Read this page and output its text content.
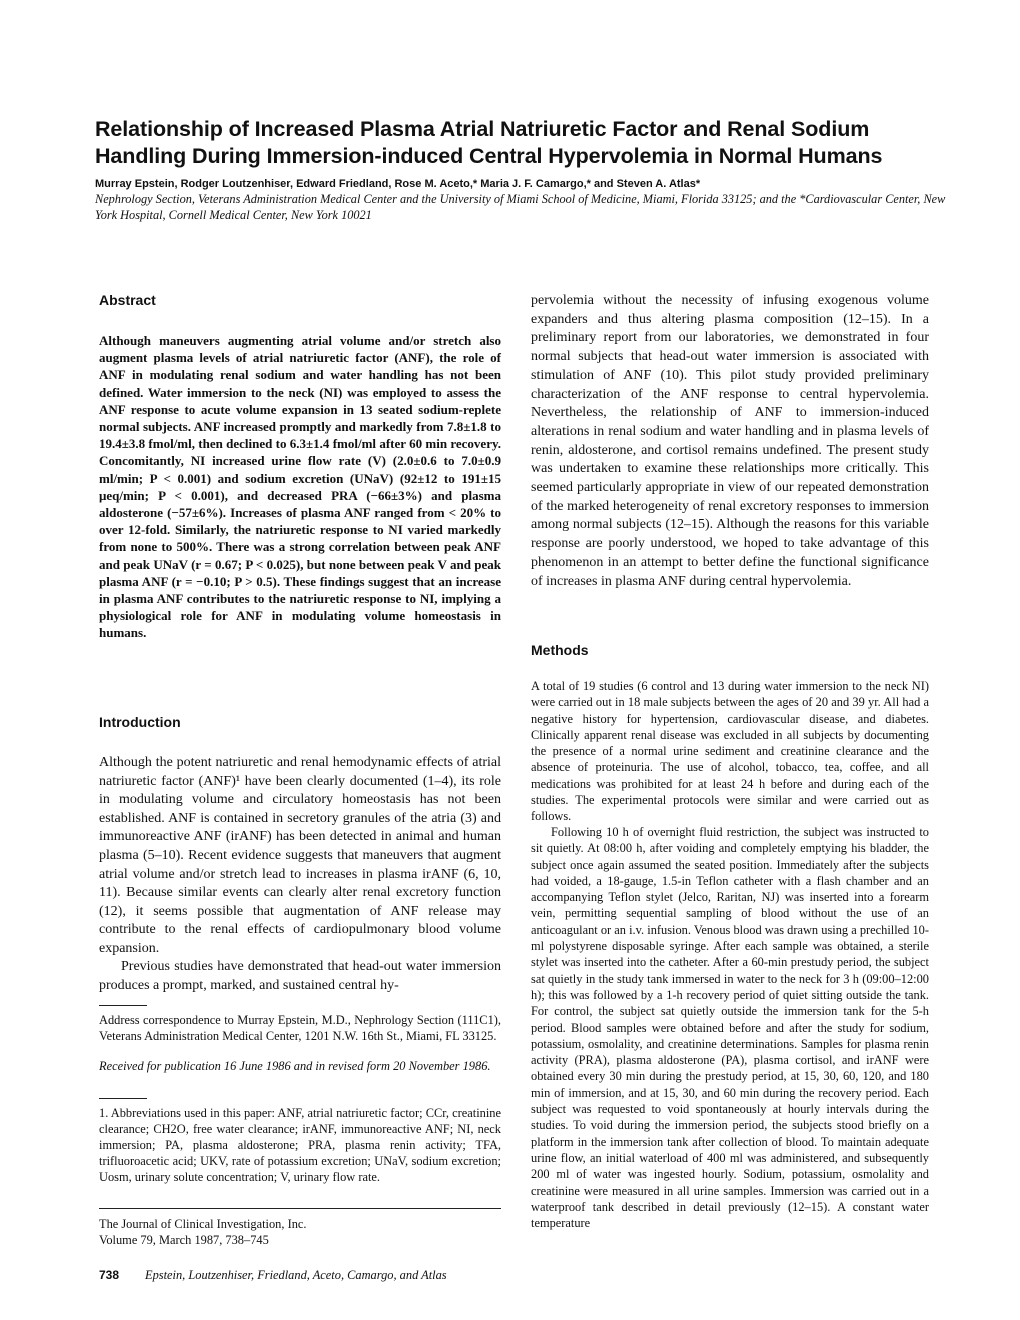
Relationship of Increased Plasma Atrial Natriuretic Factor and Renal Sodium Handling During Immersion-induced Central Hypervolemia in Normal Humans
Murray Epstein, Rodger Loutzenhiser, Edward Friedland, Rose M. Aceto,* Maria J. F. Camargo,* and Steven A. Atlas*
Nephrology Section, Veterans Administration Medical Center and the University of Miami School of Medicine, Miami, Florida 33125; and the *Cardiovascular Center, New York Hospital, Cornell Medical Center, New York 10021
Abstract

Although maneuvers augmenting atrial volume and/or stretch also augment plasma levels of atrial natriuretic factor (ANF), the role of ANF in modulating renal sodium and water handling has not been defined. Water immersion to the neck (NI) was employed to assess the ANF response to acute volume expansion in 13 seated sodium-replete normal subjects. ANF increased promptly and markedly from 7.8±1.8 to 19.4±3.8 fmol/ml, then declined to 6.3±1.4 fmol/ml after 60 min recovery. Concomitantly, NI increased urine flow rate (V) (2.0±0.6 to 7.0±0.9 ml/min; P < 0.001) and sodium excretion (UNaV) (92±12 to 191±15 μeq/min; P < 0.001), and decreased PRA (−66±3%) and plasma aldosterone (−57±6%). Increases of plasma ANF ranged from < 20% to over 12-fold. Similarly, the natriuretic response to NI varied markedly from none to 500%. There was a strong correlation between peak ANF and peak UNaV (r = 0.67; P < 0.025), but none between peak V and peak plasma ANF (r = −0.10; P > 0.5). These findings suggest that an increase in plasma ANF contributes to the natriuretic response to NI, implying a physiological role for ANF in modulating volume homeostasis in humans.

Introduction

Although the potent natriuretic and renal hemodynamic effects of atrial natriuretic factor (ANF)¹ have been clearly documented (1–4), its role in modulating volume and circulatory homeostasis has not been established. ANF is contained in secretory granules of the atria (3) and immunoreactive ANF (irANF) has been detected in animal and human plasma (5–10). Recent evidence suggests that maneuvers that augment atrial volume and/or stretch lead to increases in plasma irANF (6, 10, 11). Because similar events can clearly alter renal excretory function (12), it seems possible that augmentation of ANF release may contribute to the renal effects of cardiopulmonary blood volume expansion.

Previous studies have demonstrated that head-out water immersion produces a prompt, marked, and sustained central hy-

Address correspondence to Murray Epstein, M.D., Nephrology Section (111C1), Veterans Administration Medical Center, 1201 N.W. 16th St., Miami, FL 33125.

Received for publication 16 June 1986 and in revised form 20 November 1986.

1. Abbreviations used in this paper: ANF, atrial natriuretic factor; CCr, creatinine clearance; CH2O, free water clearance; irANF, immunoreactive ANF; NI, neck immersion; PA, plasma aldosterone; PRA, plasma renin activity; TFA, trifluoroacetic acid; UKV, rate of potassium excretion; UNaV, sodium excretion; Uosm, urinary solute concentration; V, urinary flow rate.

The Journal of Clinical Investigation, Inc.
Volume 79, March 1987, 738–745

pervolemia without the necessity of infusing exogenous volume expanders and thus altering plasma composition (12–15). In a preliminary report from our laboratories, we demonstrated in four normal subjects that head-out water immersion is associated with stimulation of ANF (10). This pilot study provided preliminary characterization of the ANF response to central hypervolemia. Nevertheless, the relationship of ANF to immersion-induced alterations in renal sodium and water handling and in plasma levels of renin, aldosterone, and cortisol remains undefined. The present study was undertaken to examine these relationships more critically. This seemed particularly appropriate in view of our repeated demonstration of the marked heterogeneity of renal excretory responses to immersion among normal subjects (12–15). Although the reasons for this variable response are poorly understood, we hoped to take advantage of this phenomenon in an attempt to better define the functional significance of increases in plasma ANF during central hypervolemia.

Methods

A total of 19 studies (6 control and 13 during water immersion to the neck NI) were carried out in 18 male subjects between the ages of 20 and 39 yr. All had a negative history for hypertension, cardiovascular disease, and diabetes. Clinically apparent renal disease was excluded in all subjects by documenting the presence of a normal urine sediment and creatinine clearance and the absence of proteinuria. The use of alcohol, tobacco, tea, coffee, and all medications was prohibited for at least 24 h before and during each of the studies. The experimental protocols were similar and were carried out as follows.

Following 10 h of overnight fluid restriction, the subject was instructed to sit quietly. At 08:00 h, after voiding and completely emptying his bladder, the subject once again assumed the seated position. Immediately after the subjects had voided, a 18-gauge, 1.5-in Teflon catheter with a flash chamber and an accompanying Teflon stylet (Jelco, Raritan, NJ) was inserted into a forearm vein, permitting sequential sampling of blood without the use of an anticoagulant or an i.v. infusion. Venous blood was drawn using a prechilled 10-ml polystyrene disposable syringe. After each sample was obtained, a sterile stylet was inserted into the catheter. After a 60-min prestudy period, the subject sat quietly in the study tank immersed in water to the neck for 3 h (09:00–12:00 h); this was followed by a 1-h recovery period of quiet sitting outside the tank. For control, the subject sat quietly outside the immersion tank for the 5-h period. Blood samples were obtained before and after the study for sodium, potassium, osmolality, and creatinine determinations. Samples for plasma renin activity (PRA), plasma aldosterone (PA), plasma cortisol, and irANF were obtained every 30 min during the prestudy period, at 15, 30, 60, 120, and 180 min of immersion, and at 15, 30, and 60 min during the recovery period. Each subject was requested to void spontaneously at hourly intervals during the studies. To void during the immersion period, the subjects stood briefly on a platform in the immersion tank after collection of blood. To maintain adequate urine flow, an initial waterload of 400 ml was administered, and subsequently 200 ml of water was ingested hourly. Sodium, potassium, osmolality and creatinine were measured in all urine samples. Immersion was carried out in a waterproof tank described in detail previously (12–15). A constant water temperature

738 Epstein, Loutzenhiser, Friedland, Aceto, Camargo, and Atlas
